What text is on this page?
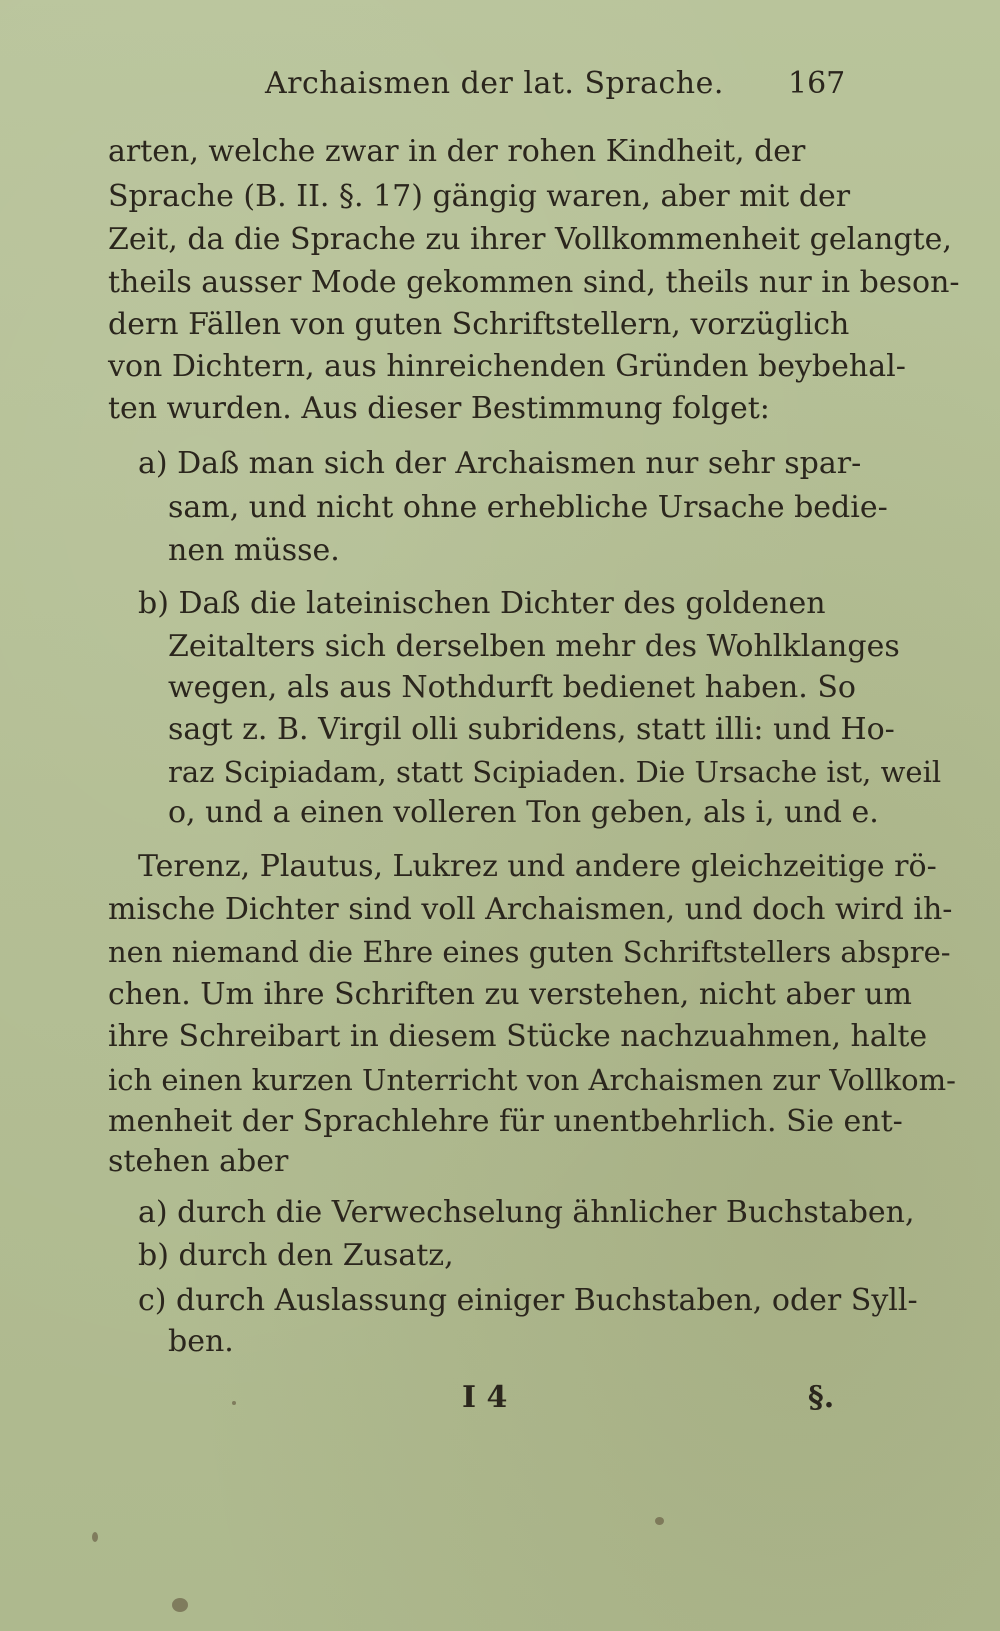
Archaismen der lat. Sprache. 167
arten, welche zwar in der rohen Kindheit, der
Sprache (B. II. §. 17) gängig waren, aber mit der
Zeit, da die Sprache zu ihrer Vollkommenheit gelangte,
theils ausser Mode gekommen sind, theils nur in beson-
dern Fällen von guten Schriftstellern, vorzüglich
von Dichtern, aus hinreichenden Gründen beybehal-
ten wurden. Aus dieser Bestimmung folget:
a) Daß man sich der Archaismen nur sehr spar-
sam, und nicht ohne erhebliche Ursache bedie-
nen müsse.
b) Daß die lateinischen Dichter des goldenen
Zeitalters sich derselben mehr des Wohlklanges
wegen, als aus Nothdurft bedienet haben. So
sagt z. B. Virgil olli subridens, statt illi: und Ho-
raz Scipiadam, statt Scipiaden. Die Ursache ist, weil
o, und a einen volleren Ton geben, als i, und e.
Terenz, Plautus, Lukrez und andere gleichzeitige rö-
mische Dichter sind voll Archaismen, und doch wird ih-
nen niemand die Ehre eines guten Schriftstellers abspre-
chen. Um ihre Schriften zu verstehen, nicht aber um
ihre Schreibart in diesem Stücke nachzuahmen, halte
ich einen kurzen Unterricht von Archaismen zur Vollkom-
menheit der Sprachlehre für unentbehrlich. Sie ent-
stehen aber
a) durch die Verwechselung ähnlicher Buchstaben,
b) durch den Zusatz,
c) durch Auslassung einiger Buchstaben, oder Syll-
ben.
I 4	§.
